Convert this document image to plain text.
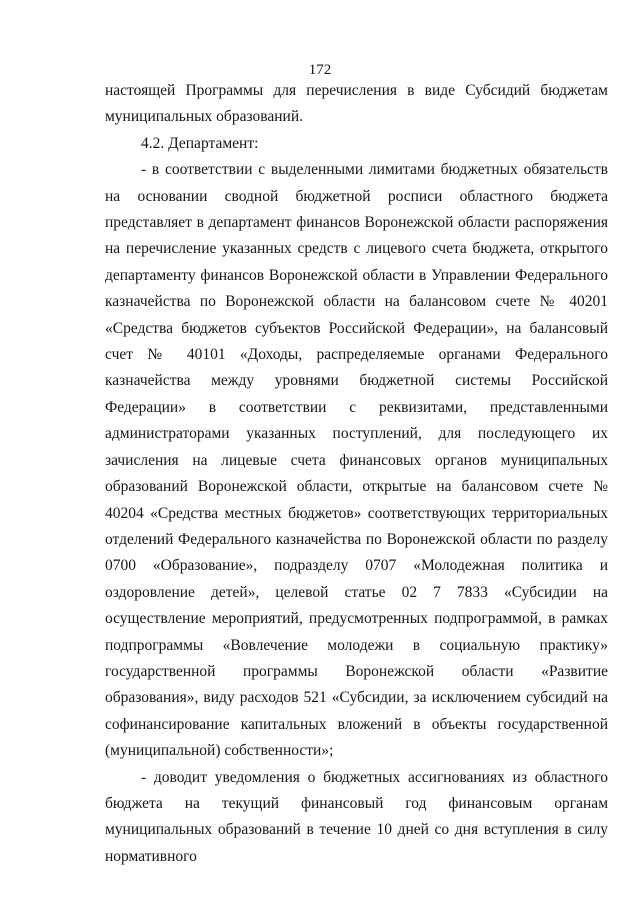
172

настоящей Программы для перечисления в виде Субсидий бюджетам муниципальных образований.

4.2. Департамент:

- в соответствии с выделенными лимитами бюджетных обязательств на основании сводной бюджетной росписи областного бюджета представляет в департамент финансов Воронежской области распоряжения на перечисление указанных средств с лицевого счета бюджета, открытого департаменту финансов Воронежской области в Управлении Федерального казначейства по Воронежской области на балансовом счете № 40201 «Средства бюджетов субъектов Российской Федерации», на балансовый счет № 40101 «Доходы, распределяемые органами Федерального казначейства между уровнями бюджетной системы Российской Федерации» в соответствии с реквизитами, представленными администраторами указанных поступлений, для последующего их зачисления на лицевые счета финансовых органов муниципальных образований Воронежской области, открытые на балансовом счете № 40204 «Средства местных бюджетов» соответствующих территориальных отделений Федерального казначейства по Воронежской области по разделу 0700 «Образование», подразделу 0707 «Молодежная политика и оздоровление детей», целевой статье 02 7 7833 «Субсидии на осуществление мероприятий, предусмотренных подпрограммой, в рамках подпрограммы «Вовлечение молодежи в социальную практику» государственной программы Воронежской области «Развитие образования», виду расходов 521 «Субсидии, за исключением субсидий на софинансирование капитальных вложений в объекты государственной (муниципальной) собственности»;

- доводит уведомления о бюджетных ассигнованиях из областного бюджета на текущий финансовый год финансовым органам муниципальных образований в течение 10 дней со дня вступления в силу нормативного
